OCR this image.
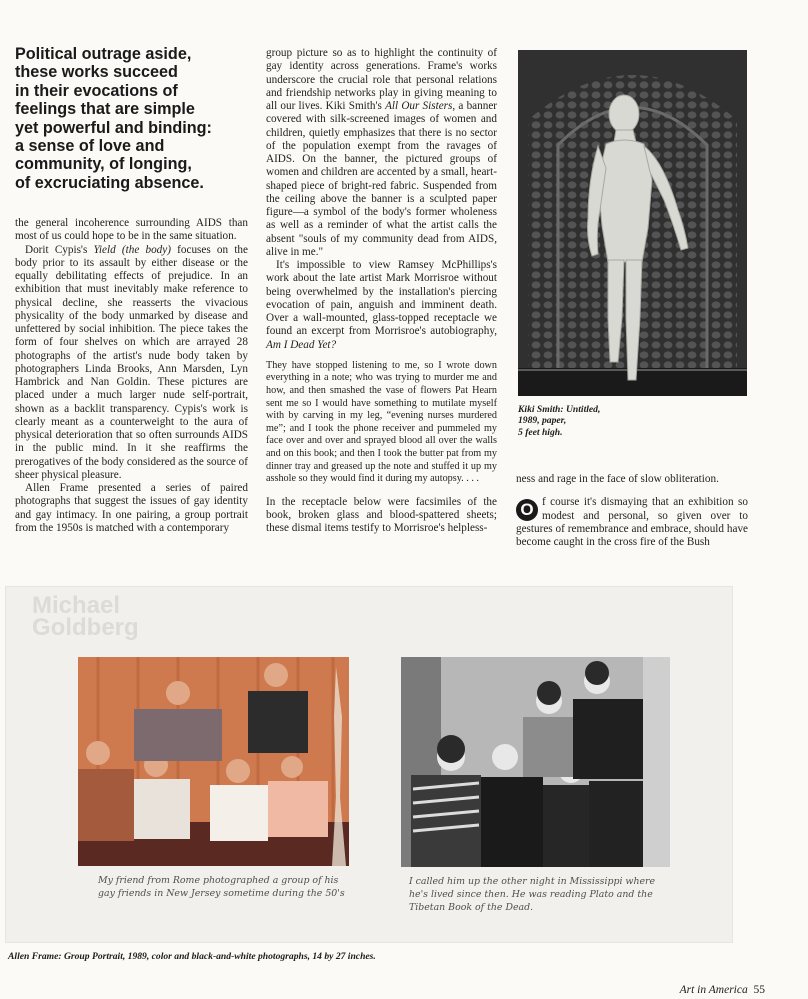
Political outrage aside,
these works succeed
in their evocations of
feelings that are simple
yet powerful and binding:
a sense of love and
community, of longing,
of excruciating absence.

the general incoherence surrounding AIDS than most of us could hope to be in the same situation.

Dorit Cypis's Yield (the body) focuses on the body prior to its assault by either disease or the equally debilitating effects of prejudice. In an exhibition that must inevitably make reference to physical decline, she reasserts the vivacious physicality of the body unmarked by disease and unfettered by social inhibition. The piece takes the form of four shelves on which are arrayed 28 photographs of the artist's nude body taken by photographers Linda Brooks, Ann Marsden, Lyn Hambrick and Nan Goldin. These pictures are placed under a much larger nude self-portrait, shown as a backlit transparency. Cypis's work is clearly meant as a counterweight to the aura of physical deterioration that so often surrounds AIDS in the public mind. In it she reaffirms the prerogatives of the body considered as the source of sheer physical pleasure.

Allen Frame presented a series of paired photographs that suggest the issues of gay identity and gay intimacy. In one pairing, a group portrait from the 1950s is matched with a contemporary

group picture so as to highlight the continuity of gay identity across generations. Frame's works underscore the crucial role that personal relations and friendship networks play in giving meaning to all our lives. Kiki Smith's All Our Sisters, a banner covered with silk-screened images of women and children, quietly emphasizes that there is no sector of the population exempt from the ravages of AIDS. On the banner, the pictured groups of women and children are accented by a small, heart-shaped piece of bright-red fabric. Suspended from the ceiling above the banner is a sculpted paper figure—a symbol of the body's former wholeness as well as a reminder of what the artist calls the absent "souls of my community dead from AIDS, alive in me."

It's impossible to view Ramsey McPhillips's work about the late artist Mark Morrisroe without being overwhelmed by the installation's piercing evocation of pain, anguish and imminent death. Over a wall-mounted, glass-topped receptacle we found an excerpt from Morrisroe's autobiography, Am I Dead Yet?

They have stopped listening to me, so I wrote down everything in a note; who was trying to murder me and how, and then smashed the vase of flowers Pat Hearn sent me so I would have something to mutilate myself with by carving in my leg, “evening nurses murdered me”; and I took the phone receiver and pummeled my face over and over and sprayed blood all over the walls and on this book; and then I took the butter pat from my dinner tray and greased up the note and stuffed it up my asshole so they would find it during my autopsy. . . .

In the receptacle below were facsimiles of the book, broken glass and blood-spattered sheets; these dismal items testify to Morrisroe's helpless-

Kiki Smith: Untitled,
1989, paper,
5 feet high.

ness and rage in the face of slow obliteration.

O f course it's dismaying that an exhibition so modest and personal, so given over to gestures of remembrance and embrace, should have become caught in the cross fire of the Bush

Michael
Goldberg
My friend from Rome photographed a group of his gay friends in New Jersey sometime during the 50's
I called him up the other night in Mississippi where he's lived since then. He was reading Plato and the Tibetan Book of the Dead.
Allen Frame: Group Portrait, 1989, color and black-and-white photographs, 14 by 27 inches.
Art in America 55
